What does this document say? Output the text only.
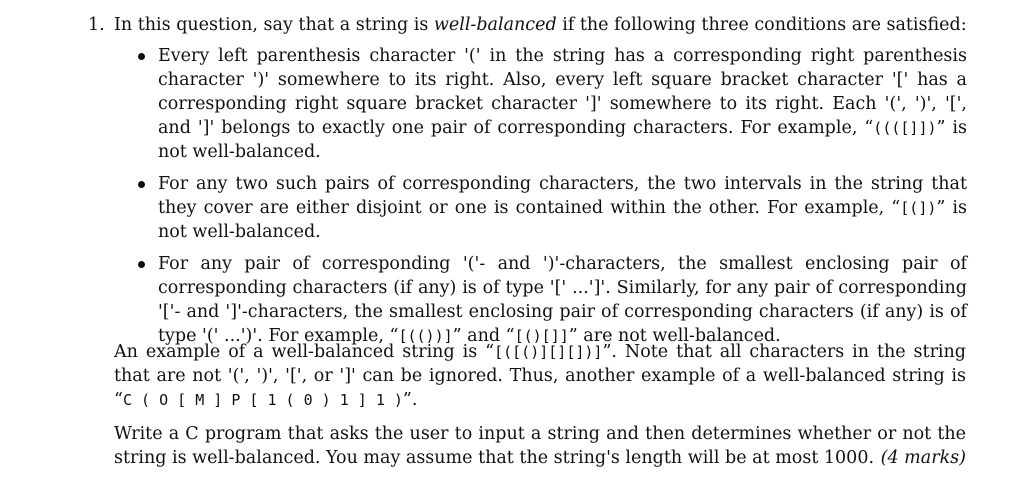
1. In this question, say that a string is well-balanced if the following three conditions are satisfied:
Every left parenthesis character '(' in the string has a corresponding right parenthesis character ')' somewhere to its right. Also, every left square bracket character '[' has a corresponding right square bracket character ']' somewhere to its right. Each '(', ')', '[', and ']' belongs to exactly one pair of corresponding characters. For example, “((([]])” is not well-balanced.
For any two such pairs of corresponding characters, the two intervals in the string that they cover are either disjoint or one is contained within the other. For example, “[(])” is not well-balanced.
For any pair of corresponding '('- and ')'-characters, the smallest enclosing pair of corresponding characters (if any) is of type '[' ...']'. Similarly, for any pair of corresponding '['- and ']'-characters, the smallest enclosing pair of corresponding characters (if any) is of type '(' ...')'. For example, “[(())]” and “[()[]]” are not well-balanced.
An example of a well-balanced string is “[([()][][])]”. Note that all characters in the string that are not '(', ')', '[', or ']' can be ignored. Thus, another example of a well-balanced string is “C ( O [ M ] P [ 1 ( 0 ) 1 ] 1 )”.
Write a C program that asks the user to input a string and then determines whether or not the string is well-balanced. You may assume that the string's length will be at most 1000. (4 marks)
